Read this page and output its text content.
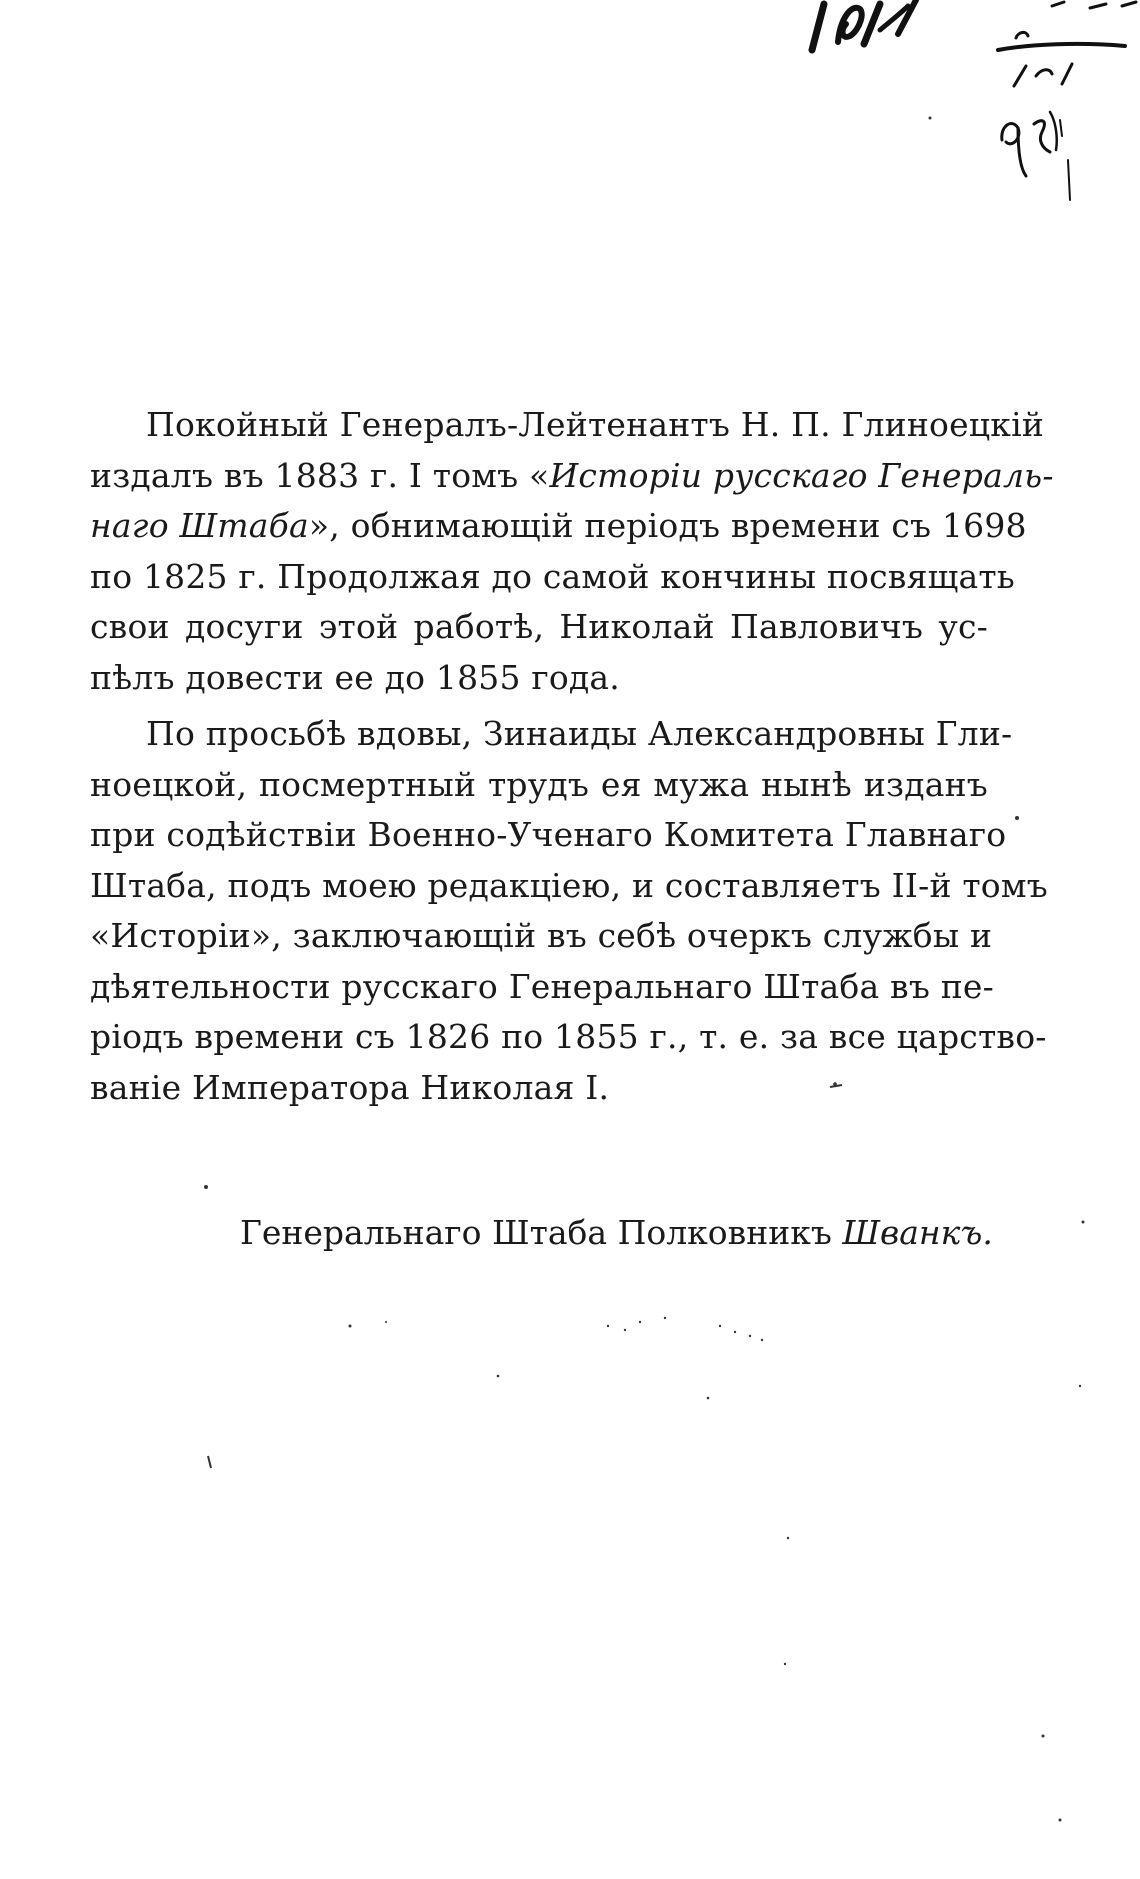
Покойный Генералъ-Лейтенантъ Н. П. Глиноецкій
издалъ въ 1883 г. I томъ «Исторіи русскаго Генераль-
наго Штаба», обнимающій періодъ времени съ 1698
по 1825 г. Продолжая до самой кончины посвящать
свои досуги этой работѣ, Николай Павловичъ ус-
пѣлъ довести ее до 1855 года.
По просьбѣ вдовы, Зинаиды Александровны Гли-
ноецкой, посмертный трудъ ея мужа нынѣ изданъ
при содѣйствіи Военно-Ученаго Комитета Главнаго
Штаба, подъ моею редакціею, и составляетъ II-й томъ
«Исторіи», заключающій въ себѣ очеркъ службы и
дѣятельности русскаго Генеральнаго Штаба въ пе-
ріодъ времени съ 1826 по 1855 г., т. е. за все царство-
ваніе Императора Николая I.
Генеральнаго Штаба Полковникъ Шванкъ.
